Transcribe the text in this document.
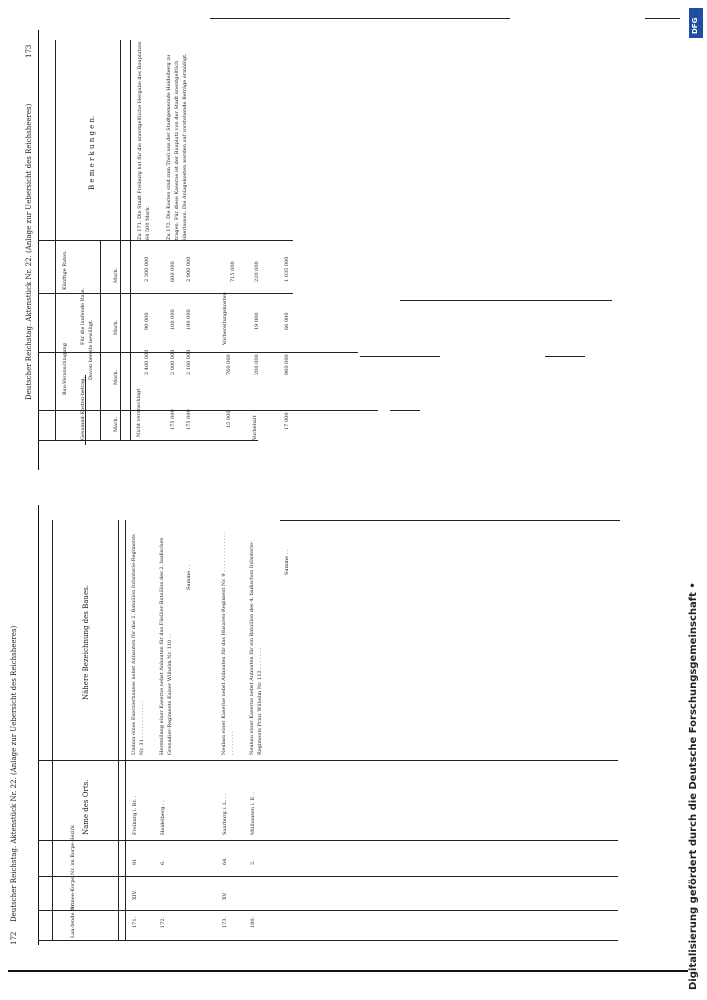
Deutscher Reichstag. Aktenstück Nr. 22. (Anlage zur Uebersicht des Reichsheeres)
173
Bau-Veranschlagung
Gesammt-Kosten-betrag.
Davon bereits bewilligt.
Für die laufende Rate.
Künftige Raten.
Mark.
Mark.
Mark.
Mark.
B e m e r k u n g e n.
Nicht veranschlagt
2 400 000
90 000
2 300 000
175 000
2 000 000
100 000
600 000
175 000
2 160 000
190 000
2 900 000
15 000
760 000
Vorbereitungskosten
715 000
Vorbehalt
200 000
19 000
220 000
17 000
960 000
66 000
1 035 000
Zu 171. Die Stadt Freiburg hat für die unentgeltliche Hergabe des Bauplatzes 64 500 Mark.	Zu 172. Die Kosten sind zum Theil aus der Stadtgemeinde Heidelberg zu tragen. Für diese Kaserne ist der Bauplatz von der Stadt unentgeltlich überlassen. Die Anlagekosten werden auf vorstehende Beträge ermäßigt.
Deutscher Reichstag. Aktenstück Nr. 22. (Anlage zur Uebersicht des Reichsheeres)
172
Lau-fende Nr.
Armee-Korps
Nr. im Korps-Bezirk
Name des Orts.
Nähere Bezeichnung des Baues.
171.
XIV.
91
Freiburg i. Br. .
Umbau eines Exerzierhauses nebst Anbauten für das 2. Bataillon Infanterie-Regiments Nr. 31 . . . . . . . . . . . .
172.
6.
Heidelberg . .
Herstellung einer Kaserne nebst Anbauten für das Füsilier-Bataillon des 2. badischen Grenadier-Regiments Kaiser Wilhelm Nr. 110 . .
Summe . .
173.
XV.
64.
Saarburg i. L. . .
Neubau einer Kaserne nebst Anbauten für das Husaren-Regiment Nr. 9 . . . . . . . . . . . . . . . . . . . . .
180.
2.
Mülhausen i. E. .
Neubau einer Kaserne nebst Anbauten für ein Bataillon des 4. badischen Infanterie-Regiments Prinz Wilhelm Nr. 112 . . . . . . .
Summe . .
Digitalisierung gefördert durch die Deutsche Forschungsgemeinschaft •
DFG
